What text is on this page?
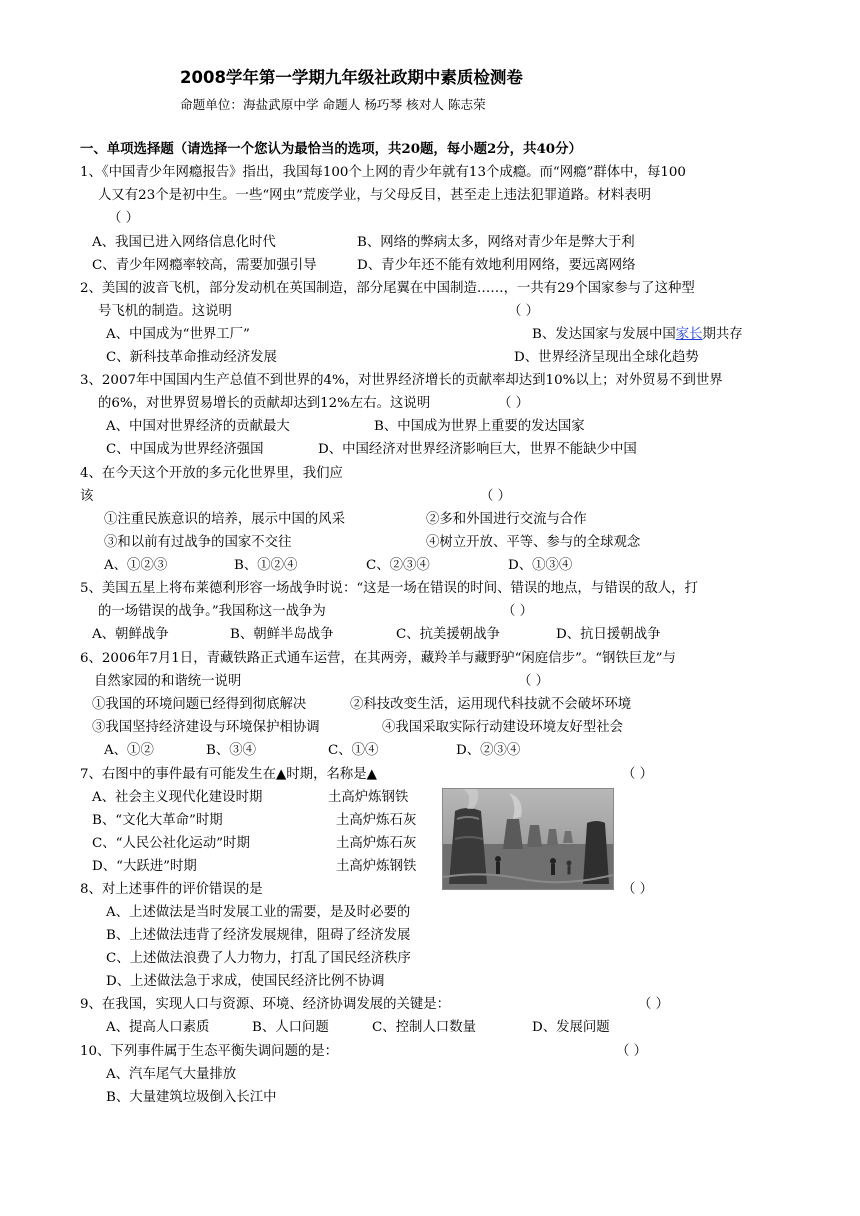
2008学年第一学期九年级社政期中素质检测卷
命题单位：海盐武原中学 命题人 杨巧琴 核对人 陈志荣
一、单项选择题（请选择一个您认为最恰当的选项，共20题，每小题2分，共40分）
1、《中国青少年网瘾报告》指出，我国每100个上网的青少年就有13个成瘾。而“网瘾”群体中，每100
人又有23个是初中生。一些“网虫”荒废学业，与父母反目，甚至走上违法犯罪道路。材料表明
（ ）
A、我国已进入网络信息化时代	B、网络的弊病太多，网络对青少年是弊大于利
C、青少年网瘾率较高，需要加强引导	D、青少年还不能有效地利用网络，要远离网络
2、美国的波音飞机，部分发动机在英国制造，部分尾翼在中国制造……，一共有29个国家参与了这种型
号飞机的制造。这说明	（ ）
A、中国成为“世界工厂”	B、发达国家与发展中国家长期共存
C、新科技革命推动经济发展	D、世界经济呈现出全球化趋势
3、2007年中国国内生产总值不到世界的4%，对世界经济增长的贡献率却达到10%以上；对外贸易不到世界
的6%，对世界贸易增长的贡献却达到12%左右。这说明	（ ）
A、中国对世界经济的贡献最大	B、中国成为世界上重要的发达国家
C、中国成为世界经济强国	D、中国经济对世界经济影响巨大，世界不能缺少中国
4、在今天这个开放的多元化世界里，我们应
该	（ ）
①注重民族意识的培养，展示中国的风采	②多和外国进行交流与合作
③和以前有过战争的国家不交往	④树立开放、平等、参与的全球观念
A、①②③	B、①②④	C、②③④	D、①③④
5、美国五星上将布莱德利形容一场战争时说：“这是一场在错误的时间、错误的地点，与错误的敌人，打
的一场错误的战争。”我国称这一战争为	（ ）
A、朝鲜战争	B、朝鲜半岛战争	C、抗美援朝战争	D、抗日援朝战争
6、2006年7月1日，青藏铁路正式通车运营，在其两旁，藏羚羊与藏野驴“闲庭信步”。“钢铁巨龙”与
自然家园的和谐统一说明	（ ）
①我国的环境问题已经得到彻底解决	②科技改变生活，运用现代科技就不会破坏环境
③我国坚持经济建设与环境保护相协调	④我国采取实际行动建设环境友好型社会
A、①②	B、③④	C、①④	D、②③④
7、右图中的事件最有可能发生在▲时期，名称是▲	（ ）
A、社会主义现代化建设时期	土高炉炼钢铁
B、“文化大革命”时期	土高炉炼石灰
C、“人民公社化运动”时期	土高炉炼石灰
D、“大跃进”时期	土高炉炼钢铁
8、对上述事件的评价错误的是	（ ）
A、上述做法是当时发展工业的需要，是及时必要的
B、上述做法违背了经济发展规律，阻碍了经济发展
C、上述做法浪费了人力物力，打乱了国民经济秩序
D、上述做法急于求成，使国民经济比例不协调
9、在我国，实现人口与资源、环境、经济协调发展的关键是：	（ ）
A、提高人口素质	B、人口问题	C、控制人口数量	D、发展问题
10、下列事件属于生态平衡失调问题的是：	（ ）
A、汽车尾气大量排放
B、大量建筑垃圾倒入长江中
